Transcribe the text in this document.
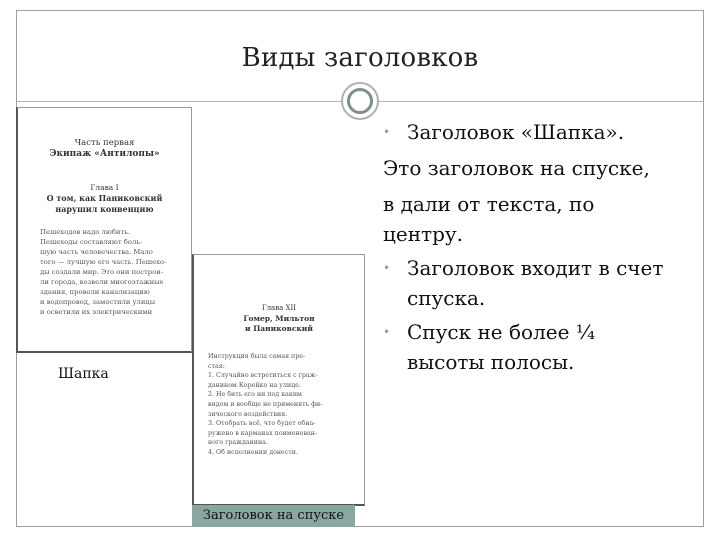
Виды заголовков
Часть первая
Экипаж «Антилопы»
Глава I
О том, как Паниковский
нарушил конвенцию
Пешеходов надо любить.
Пешеходы составляют боль-
шую часть человечества. Мало
того — лучшую его часть. Пешехо-
ды создали мир. Это они построи-
ли города, возвели многоэтажные
здания, провели канализацию
и водопровод, замостили улицы
и осветили их электрическими	Глава XII
Гомер, Мильтон
и Паниковский
Инструкция была самая пре-
стая:
1. Случайно встретиться с граж-
данином Корейко на улице.
2. Не бить его ни под каким
видом и вообще не применять фи-
зического воздействия.
3. Отобрать всё, что будет обна-
ружено в карманах поименован-
ного гражданина.
4. Об исполнении донести.
Шапка
Заголовок на спуске
• Заголовок «Шапка».
Это заголовок на спуске,
в дали от текста, по
центру.
• Заголовок входит в счет
спуска.
• Спуск не более ¼
высоты полосы.
